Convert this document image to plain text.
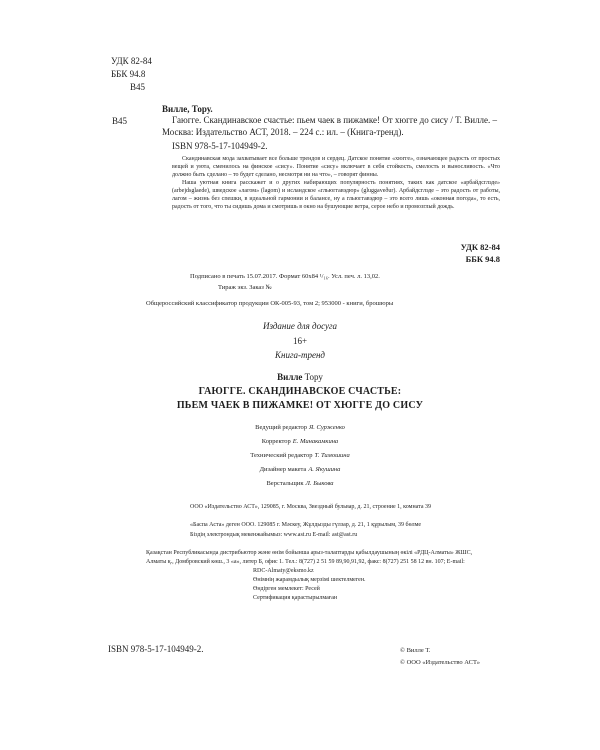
УДК 82-84
ББК 94.8
В45
В45
Вилле, Тору.
Гаюгге. Скандинавское счастье: пьем чаек в пижамке! От хюгге до сису / Т. Вилле. – Москва: Издательство АСТ, 2018. – 224 с.: ил. – (Книга-тренд).
ISBN 978-5-17-104949-2.

Скандинавская мода захватывает все больше трендов и сердец. Датское понятие «хюгге», означающее радость от простых вещей и уюта, сменилось на финское «сису». Понятие «сису» включает в себя стойкость, смелость и выносливость. «Что должно быть сделано – то будет сделано, несмотря ни на что», – говорят финны.

Наша уютная книга расскажет и о других набирающих популярность понятиях, таких как датское «арбайдсглэде» (arbejdsglaede), шведское «лагом» (lagom) и исландское «гльюггавэдюр» (gluggaveður). Арбайдсглэде – это радость от работы, лагом – жизнь без спешки, в идеальной гармонии и балансе, ну а гльюггавэдюр – это всего лишь «оконная погода», то есть, радость от того, что ты сидишь дома и смотришь в окно на бушующие ветра, серое небо и промозглый дождь.

УДК 82-84
ББК 94.8
Подписано в печать 15.07.2017. Формат 60х84 ¹/₁₆. Усл. печ. л. 13,02.
Тираж экз. Заказ №
Общероссийский классификатор продукции ОК-005-93, том 2; 953000 - книги, брошюры
Издание для досуга
16+
Книга-тренд
Вилле Тору
ГАЮГГЕ. СКАНДИНАВСКОЕ СЧАСТЬЕ:
ПЬЕМ ЧАЕК В ПИЖАМКЕ! ОТ ХЮГГЕ ДО СИСУ
Ведущий редактор Я. Сурженко
Корректор Е. Минакамкина
Технический редактор Т. Тимошина
Дизайнер макета А. Якушина
Верстальщик Л. Быкова
ООО «Издательство АСТ», 129085, г. Москва, Звездный бульвар, д. 21, строение 1, комната 39
«Баспа Аста» деген ООО. 129085 г. Мәскеу, Жұлдызды гүлзар, д. 21, 1 құрылым, 39 бөлме
Біздің электрондық мекенжайымыз: www.ast.ru E-mail: ast@ast.ru
Қазақстан Республикасында дистрибьютор және өнім бойынша арыз-талаптарды қабылдаушының өкілі «РДЦ-Алматы» ЖШС,
Алматы қ., Домбровский көш., 3 «а», литер Б, офис 1. Тел.: 8(727) 2 51 59 89,90,91,92, факс: 8(727) 251 58 12 вн. 107; E-mail:
RDC-Almaty@eksmo.kz
Өнімнің жарамдылық мерзімі шектелмеген.
Өндірген мемлекет: Ресей
Сертификация қарастырылмаған
ISBN 978-5-17-104949-2.	© Вилле Т.
© ООО «Издательство АСТ»
